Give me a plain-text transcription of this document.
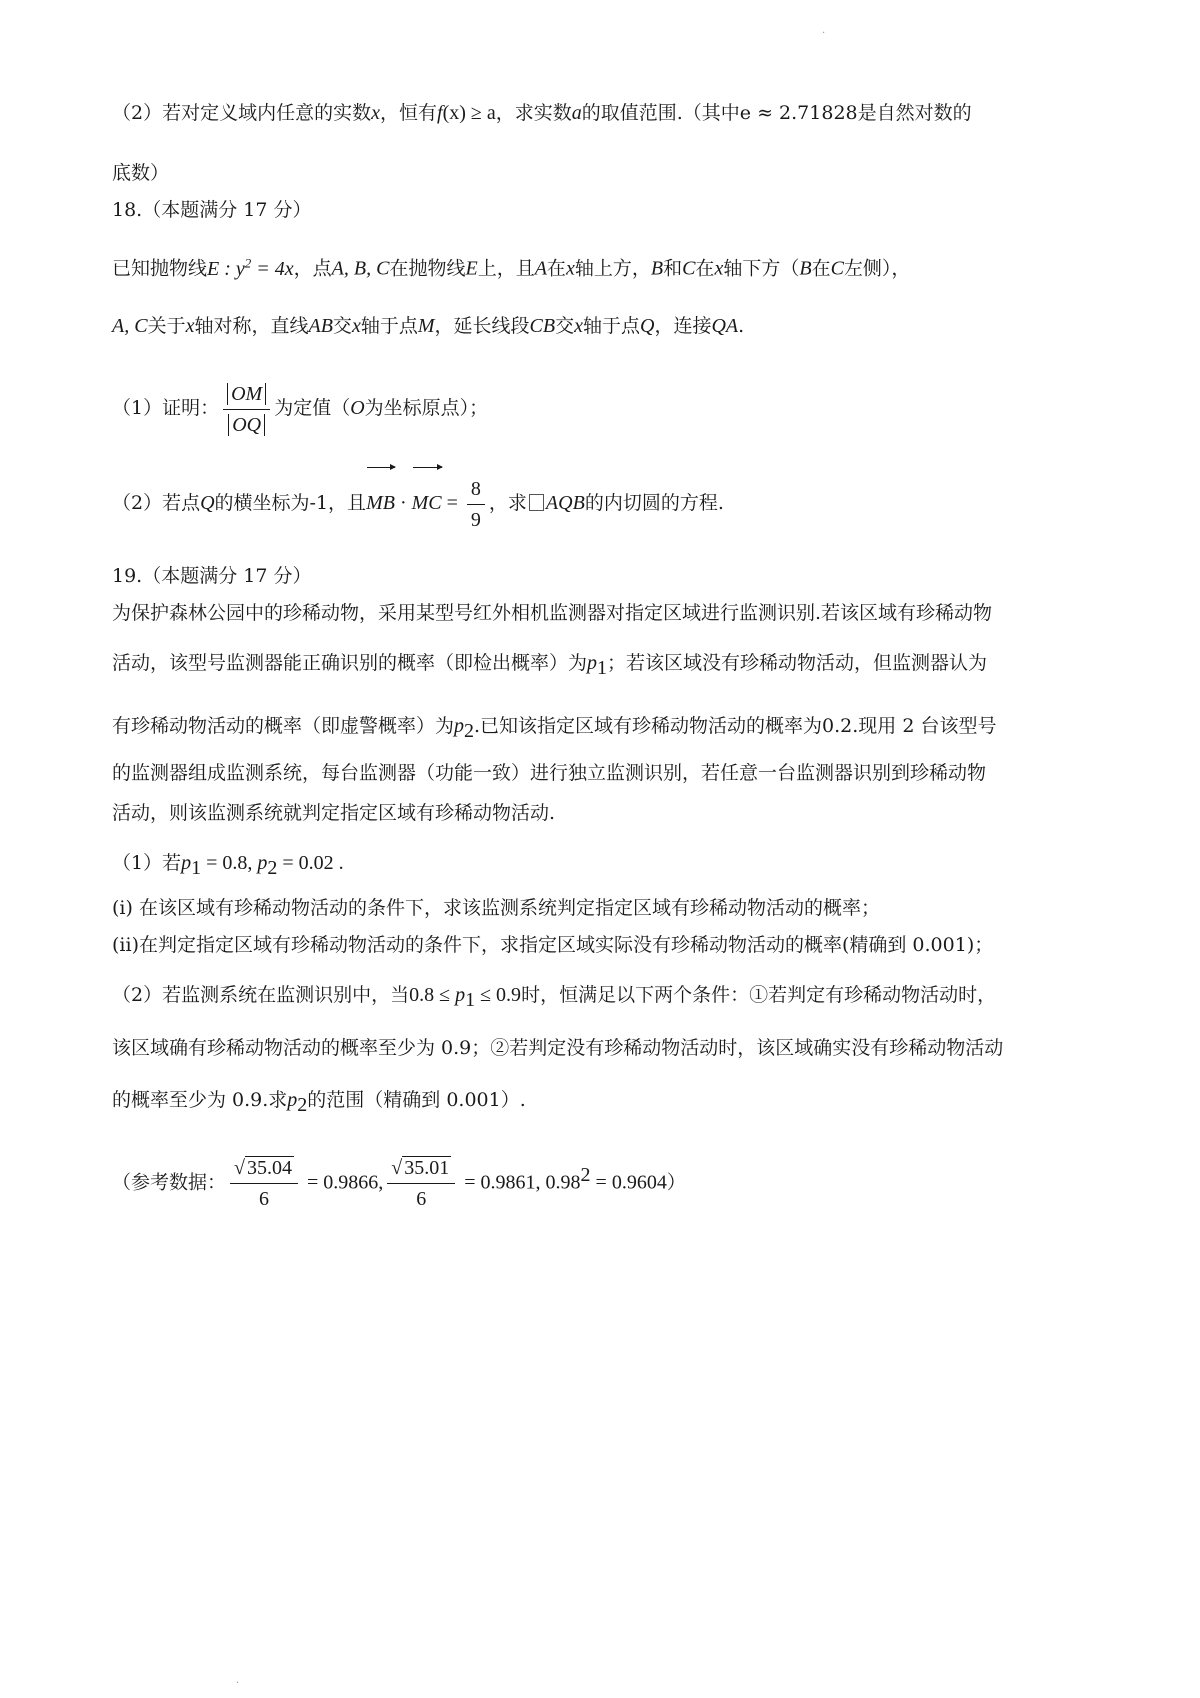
（2）若对定义域内任意的实数x，恒有f(x) ≥ a，求实数a的取值范围.（其中e ≈ 2.71828是自然对数的
底数）
18.（本题满分 17 分）
已知抛物线E : $y^2 = 4x$，点A, B, C在抛物线E上，且A在x轴上方，B和C在x轴下方（B在C左侧），
A, C关于x轴对称，直线AB交x轴于点M，延长线段CB交x轴于点Q，连接QA.
（1）证明： $\frac{OM}{OQ}$ 为定值（O为坐标原点）；
（2）若点Q的横坐标为-1，且MB · MC = $\frac{8}{9}$ ，求 AQB的内切圆的方程.
19.（本题满分 17 分）
为保护森林公园中的珍稀动物，采用某型号红外相机监测器对指定区域进行监测识别.若该区域有珍稀动物
活动，该型号监测器能正确识别的概率（即检出概率）为$p_1$；若该区域没有珍稀动物活动，但监测器认为
有珍稀动物活动的概率（即虚警概率）为$p_2$.已知该指定区域有珍稀动物活动的概率为0.2.现用 2 台该型号
的监测器组成监测系统，每台监测器（功能一致）进行独立监测识别，若任意一台监测器识别到珍稀动物
活动，则该监测系统就判定指定区域有珍稀动物活动.
（1）若$p_1 = 0.8$, $p_2 = 0.02$ .
(i) 在该区域有珍稀动物活动的条件下，求该监测系统判定指定区域有珍稀动物活动的概率；
(ii)在判定指定区域有珍稀动物活动的条件下，求指定区域实际没有珍稀动物活动的概率(精确到 0.001)；
（2）若监测系统在监测识别中，当$0.8 \le p_1 \le 0.9$时，恒满足以下两个条件：①若判定有珍稀动物活动时，
该区域确有珍稀动物活动的概率至少为 0.9；②若判定没有珍稀动物活动时，该区域确实没有珍稀动物活动
的概率至少为 0.9.求$p_2$的范围（精确到 0.001）.
（参考数据： $\frac{√ 35.04}{6} = 0.9866$, $\frac{√ 35.01}{6} = 0.9861$, $0.98^2 = 0.9604$）
·
·
